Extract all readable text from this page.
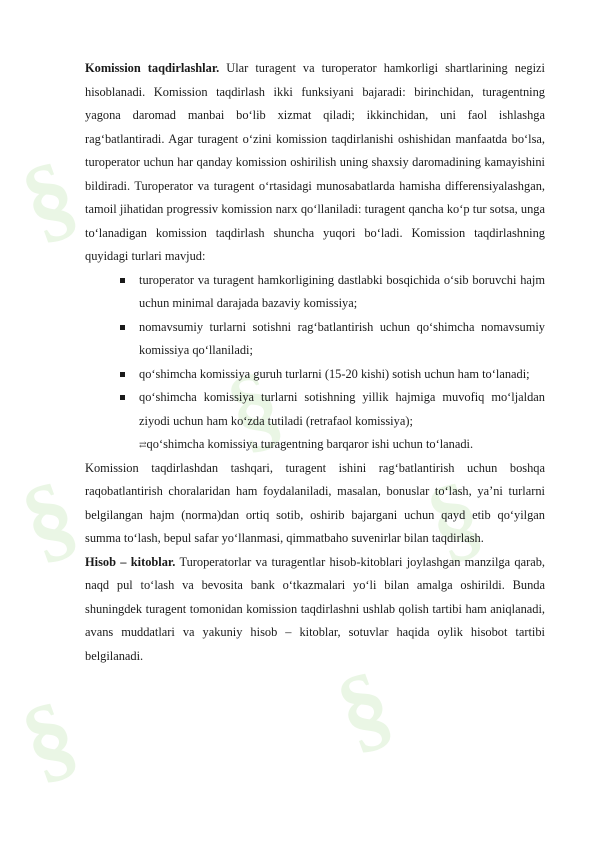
§
§
§
§
§
§

Komission taqdirlashlar. Ular turagent va turoperator hamkorligi shartlarining negizi hisoblanadi. Komission taqdirlash ikki funksiyani bajaradi: birinchidan, turagentning yagona daromad manbai bo‘lib xizmat qiladi; ikkinchidan, uni faol ishlashga rag‘batlantiradi. Agar turagent o‘zini komission taqdirlanishi oshishidan manfaatda bo‘lsa, turoperator uchun har qanday komission oshirilish uning shaxsiy daromadining kamayishini bildiradi. Turoperator va turagent o‘rtasidagi munosabatlarda hamisha differensiyalashgan, tamoil jihatidan progressiv komission narx qo‘llaniladi: turagent qancha ko‘p tur sotsa, unga to‘lanadigan komission taqdirlash shuncha yuqori bo‘ladi. Komission taqdirlashning quyidagi turlari mavjud:

turoperator va turagent hamkorligining dastlabki bosqichida o‘sib boruvchi hajm uchun minimal darajada bazaviy komissiya;
nomavsumiy turlarni sotishni rag‘batlantirish uchun qo‘shimcha nomavsumiy komissiya qo‘llaniladi;
qo‘shimcha komissiya guruh turlarni (15-20 kishi) sotish uchun ham to‘lanadi;
qo‘shimcha komissiya turlarni sotishning yillik hajmiga muvofiq mo‘ljaldan ziyodi uchun ham ko‘zda tutiladi (retrafaol komissiya);
⇄qo‘shimcha komissiya turagentning barqaror ishi uchun to‘lanadi.

Komission taqdirlashdan tashqari, turagent ishini rag‘batlantirish uchun boshqa raqobatlantirish choralaridan ham foydalaniladi, masalan, bonuslar to‘lash, ya’ni turlarni belgilangan hajm (norma)dan ortiq sotib, oshirib bajargani uchun qayd etib qo‘yilgan summa to‘lash, bepul safar yo‘llanmasi, qimmatbaho suvenirlar bilan taqdirlash.

Hisob – kitoblar. Turoperatorlar va turagentlar hisob-kitoblari joylashgan manzilga qarab, naqd pul to‘lash va bevosita bank o‘tkazmalari yo‘li bilan amalga oshirildi. Bunda shuningdek turagent tomonidan komission taqdirlashni ushlab qolish tartibi ham aniqlanadi, avans muddatlari va yakuniy hisob – kitoblar, sotuvlar haqida oylik hisobot tartibi belgilanadi.
